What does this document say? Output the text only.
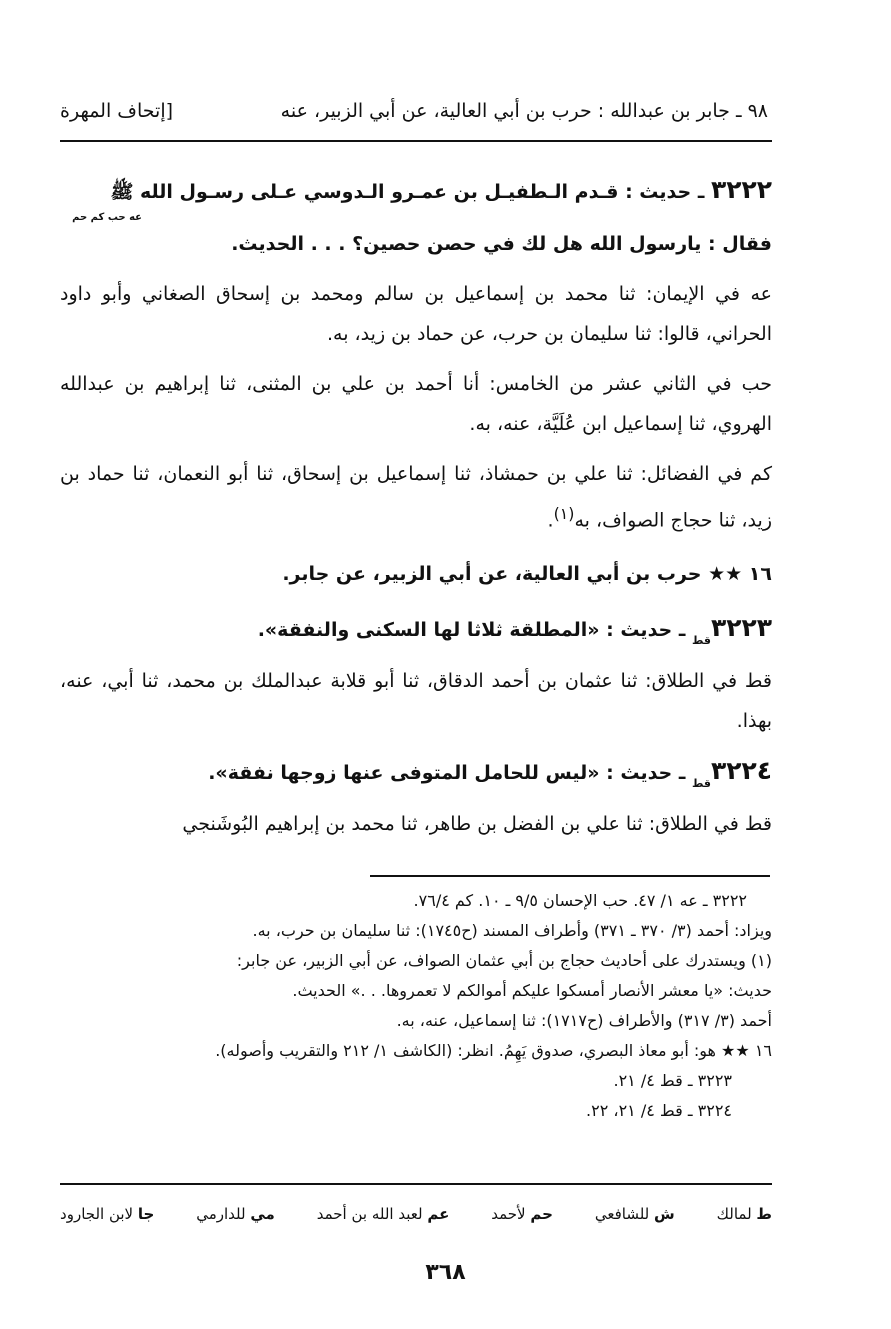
٩٨ ـ جابر بن عبدالله : حرب بن أبي العالية، عن أبي الزبير، عنه
[إتحاف المهرة

٣٢٢٢ ـ حديث : قـدم الـطفيـل بن عمـرو الـدوسي عـلى رسـول الله ﷺ

عه حب كم حم

فقال : يارسول الله هل لك في حصن حصين؟ . . . الحديث.

عه في الإيمان: ثنا محمد بن إسماعيل بن سالم ومحمد بن إسحاق الصغاني وأبو داود الحراني، قالوا: ثنا سليمان بن حرب، عن حماد بن زيد، به.

حب في الثاني عشر من الخامس: أنا أحمد بن علي بن المثنى، ثنا إبراهيم بن عبدالله الهروي، ثنا إسماعيل ابن عُلَيَّة، عنه، به.

كم في الفضائل: ثنا علي بن حمشاذ، ثنا إسماعيل بن إسحاق، ثنا أبو النعمان، ثنا حماد بن زيد، ثنا حجاج الصواف، به$^{(١)}$.

١٦ ★★ حرب بن أبي العالية، عن أبي الزبير، عن جابر.

$٣٢٢٣_{قط}$ ـ حديث : «المطلقة ثلاثا لها السكنى والنفقة».

قط في الطلاق: ثنا عثمان بن أحمد الدقاق، ثنا أبو قلابة عبدالملك بن محمد، ثنا أبي، عنه، بهذا.

$٣٢٢٤_{قط}$ ـ حديث : «ليس للحامل المتوفى عنها زوجها نفقة».

قط في الطلاق: ثنا علي بن الفضل بن طاهر، ثنا محمد بن إبراهيم البُوشَنجي

٣٢٢٢ ـ عه ١/ ٤٧. حب الإحسان ٩/٥ ـ ١٠. كم ٧٦/٤.

ويزاد: أحمد (٣/ ٣٧٠ ـ ٣٧١) وأطراف المسند (ح١٧٤٥): ثنا سليمان بن حرب، به.

(١) ويستدرك على أحاديث حجاج بن أبي عثمان الصواف، عن أبي الزبير، عن جابر:

حديث: «يا معشر الأنصار أمسكوا عليكم أموالكم لا تعمروها. . .» الحديث.

أحمد (٣/ ٣١٧) والأطراف (ح١٧١٧): ثنا إسماعيل، عنه، به.

١٦ ★★ هو: أبو معاذ البصري، صدوق يَهِمُ. انظر: (الكاشف ١/ ٢١٢ والتقريب وأصوله).

٣٢٢٣ ـ قط ٤/ ٢١.

٣٢٢٤ ـ قط ٤/ ٢١، ٢٢.

ط لمالك
ش للشافعي
حم لأحمد
عم لعبد الله بن أحمد
مي للدارمي
جا لابن الجارود
٣٦٨
